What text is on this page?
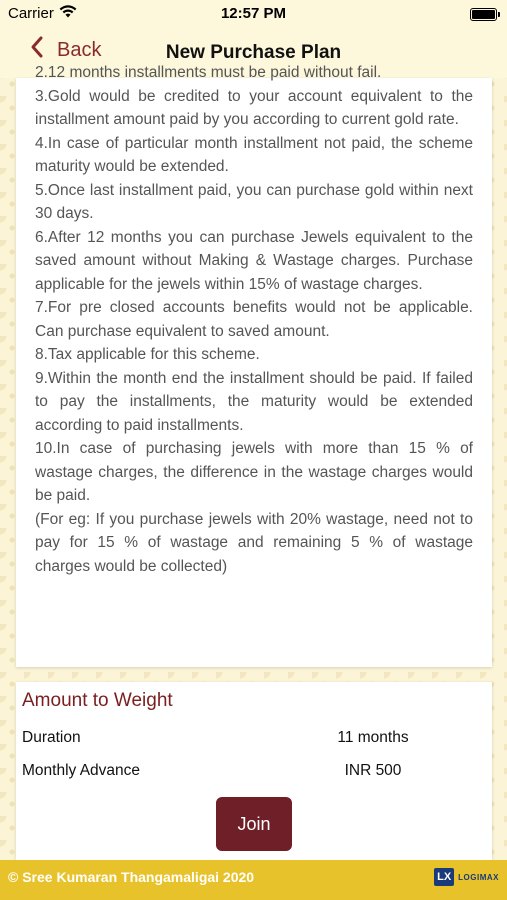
Carrier	12:57 PM
Back	New Purchase Plan

2.12 months installments must be paid without fail.

3.Gold would be credited to your account equivalent to the installment amount paid by you according to current gold rate.

4.In case of particular month installment not paid, the scheme maturity would be extended.

5.Once last installment paid, you can purchase gold within next 30 days.

6.After 12 months you can purchase Jewels equivalent to the saved amount without Making & Wastage charges. Purchase applicable for the jewels within 15% of wastage charges.

7.For pre closed accounts benefits would not be applicable. Can purchase equivalent to saved amount.

8.Tax applicable for this scheme.

9.Within the month end the installment should be paid. If failed to pay the installments, the maturity would be extended according to paid installments.

10.In case of purchasing jewels with more than 15 % of wastage charges, the difference in the wastage charges would be paid.

(For eg: If you purchase jewels with 20% wastage, need not to pay for 15 % of wastage and remaining 5 % of wastage charges would be collected)

Amount to Weight
Duration	11 months
Monthly Advance	INR 500
Join
© Sree Kumaran Thangamaligai 2020	LX LOGIMAX
